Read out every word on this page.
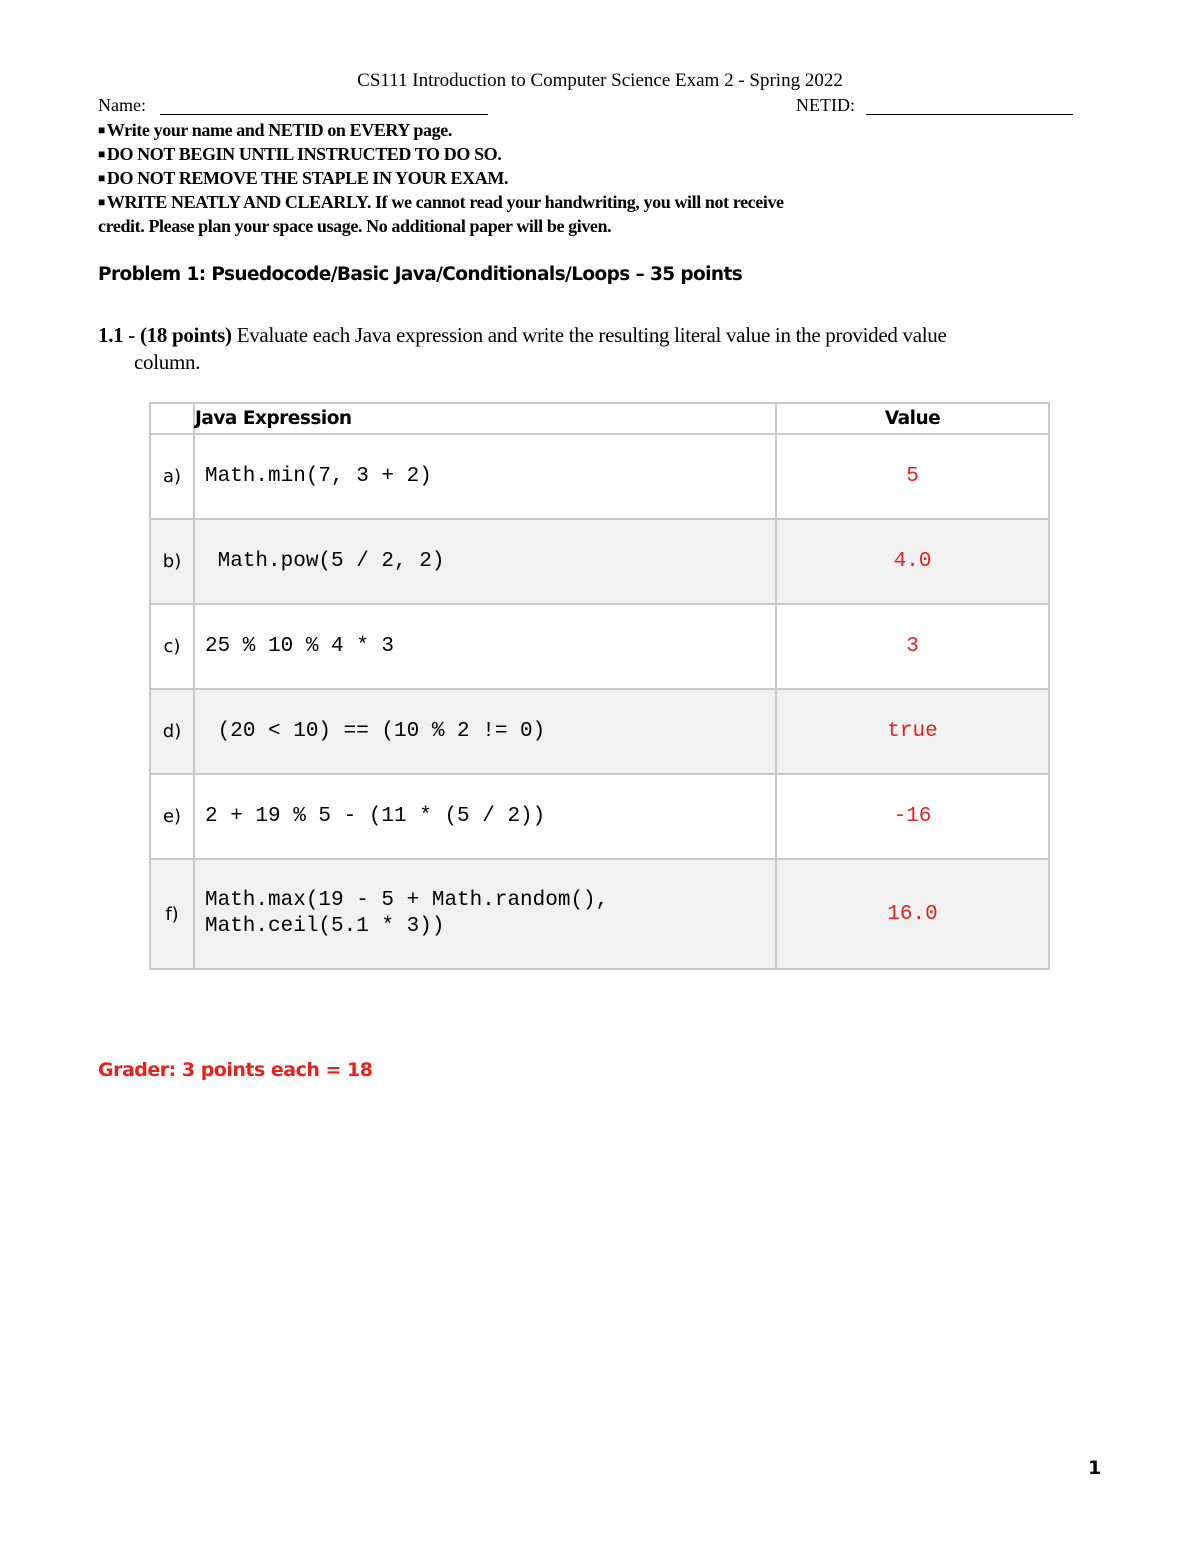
CS111 Introduction to Computer Science Exam 2 - Spring 2022
Name:	NETID:
■ Write your name and NETID on EVERY page.
■ DO NOT BEGIN UNTIL INSTRUCTED TO DO SO.
■ DO NOT REMOVE THE STAPLE IN YOUR EXAM.
■ WRITE NEATLY AND CLEARLY. If we cannot read your handwriting, you will not receive
credit. Please plan your space usage. No additional paper will be given.
Problem 1: Psuedocode/Basic Java/Conditionals/Loops – 35 points
1.1 - (18 points) Evaluate each Java expression and write the resulting literal value in the provided value
column.
	Java Expression	Value
a)	Math.min(7, 3 + 2)	5
b)	Math.pow(5 / 2, 2)	4.0
c)	25 % 10 % 4 * 3	3
d)	(20 < 10) == (10 % 2 != 0)	true
e)	2 + 19 % 5 - (11 * (5 / 2))	-16
f)	Math.max(19 - 5 + Math.random(),
Math.ceil(5.1 * 3))	16.0
Grader: 3 points each = 18
1
